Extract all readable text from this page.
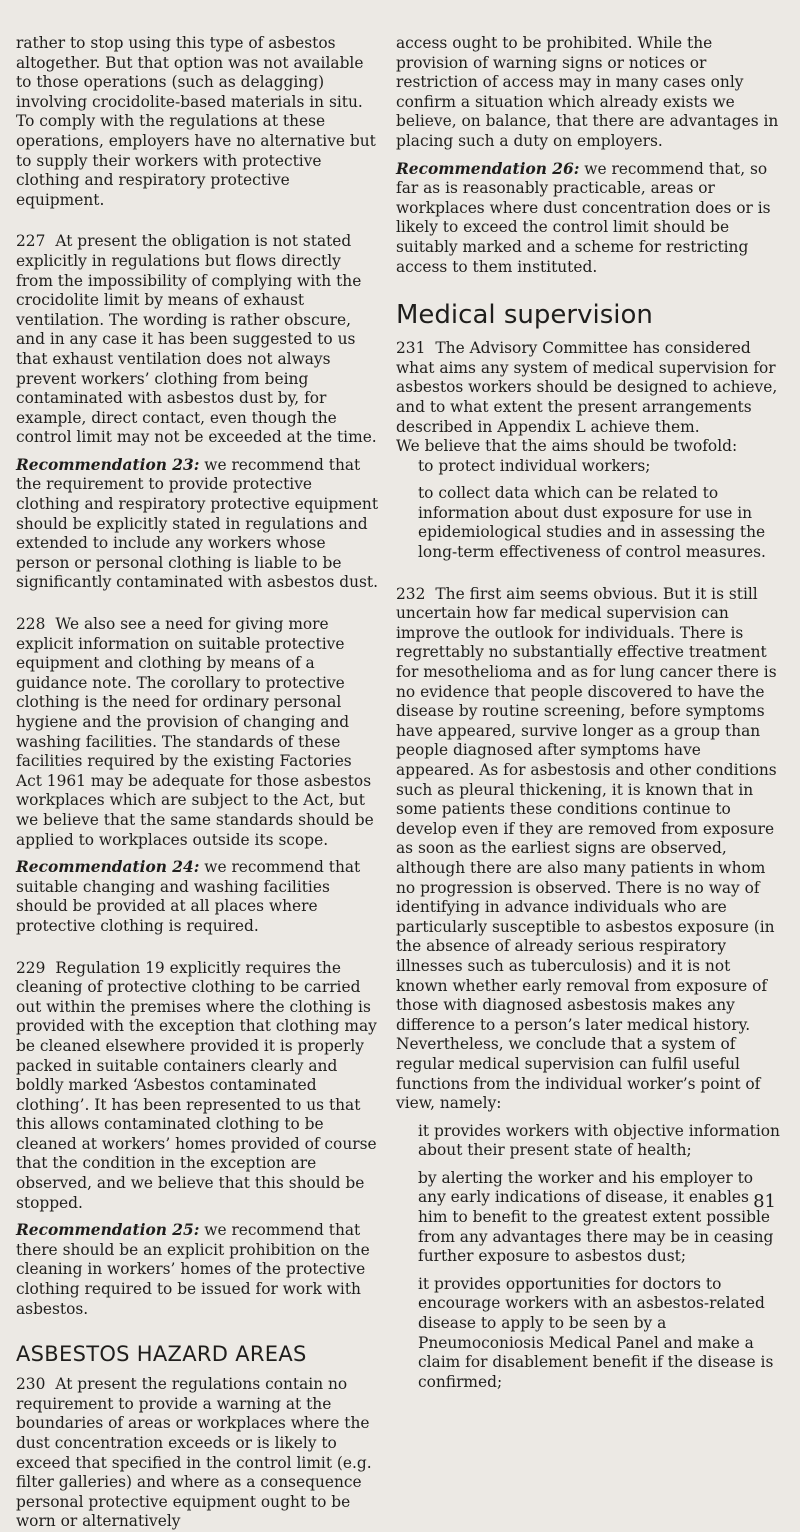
rather to stop using this type of asbestos altogether. But that option was not available to those operations (such as delagging) involving crocidolite-based materials in situ. To comply with the regulations at these operations, employers have no alternative but to supply their workers with protective clothing and respiratory protective equipment.

227 At present the obligation is not stated explicitly in regulations but flows directly from the impossibility of complying with the crocidolite limit by means of exhaust ventilation. The wording is rather obscure, and in any case it has been suggested to us that exhaust ventilation does not always prevent workers’ clothing from being contaminated with asbestos dust by, for example, direct contact, even though the control limit may not be exceeded at the time.

Recommendation 23: we recommend that the requirement to provide protective clothing and respiratory protective equipment should be explicitly stated in regulations and extended to include any workers whose person or personal clothing is liable to be significantly contaminated with asbestos dust.

228 We also see a need for giving more explicit information on suitable protective equipment and clothing by means of a guidance note. The corollary to protective clothing is the need for ordinary personal hygiene and the provision of changing and washing facilities. The standards of these facilities required by the existing Factories Act 1961 may be adequate for those asbestos workplaces which are subject to the Act, but we believe that the same standards should be applied to workplaces outside its scope.

Recommendation 24: we recommend that suitable changing and washing facilities should be provided at all places where protective clothing is required.

229 Regulation 19 explicitly requires the cleaning of protective clothing to be carried out within the premises where the clothing is provided with the exception that clothing may be cleaned elsewhere provided it is properly packed in suitable containers clearly and boldly marked ‘Asbestos contaminated clothing’. It has been represented to us that this allows contaminated clothing to be cleaned at workers’ homes provided of course that the condition in the exception are observed, and we believe that this should be stopped.

Recommendation 25: we recommend that there should be an explicit prohibition on the cleaning in workers’ homes of the protective clothing required to be issued for work with asbestos.

ASBESTOS HAZARD AREAS

230 At present the regulations contain no requirement to provide a warning at the boundaries of areas or workplaces where the dust concentration exceeds or is likely to exceed that specified in the control limit (e.g. filter galleries) and where as a consequence personal protective equipment ought to be worn or alternatively

access ought to be prohibited. While the provision of warning signs or notices or restriction of access may in many cases only confirm a situation which already exists we believe, on balance, that there are advantages in placing such a duty on employers.

Recommendation 26: we recommend that, so far as is reasonably practicable, areas or workplaces where dust concentration does or is likely to exceed the control limit should be suitably marked and a scheme for restricting access to them instituted.

Medical supervision

231 The Advisory Committee has considered what aims any system of medical supervision for asbestos workers should be designed to achieve, and to what extent the present arrangements described in Appendix L achieve them.

We believe that the aims should be twofold:

to protect individual workers;

to collect data which can be related to information about dust exposure for use in epidemiological studies and in assessing the long-term effectiveness of control measures.

232 The first aim seems obvious. But it is still uncertain how far medical supervision can improve the outlook for individuals. There is regrettably no substantially effective treatment for mesothelioma and as for lung cancer there is no evidence that people discovered to have the disease by routine screening, before symptoms have appeared, survive longer as a group than people diagnosed after symptoms have appeared. As for asbestosis and other conditions such as pleural thickening, it is known that in some patients these conditions continue to develop even if they are removed from exposure as soon as the earliest signs are observed, although there are also many patients in whom no progression is observed. There is no way of identifying in advance individuals who are particularly susceptible to asbestos exposure (in the absence of already serious respiratory illnesses such as tuberculosis) and it is not known whether early removal from exposure of those with diagnosed asbestosis makes any difference to a person’s later medical history. Nevertheless, we conclude that a system of regular medical supervision can fulfil useful functions from the individual worker’s point of view, namely:

it provides workers with objective information about their present state of health;

by alerting the worker and his employer to any early indications of disease, it enables him to benefit to the greatest extent possible from any advantages there may be in ceasing further exposure to asbestos dust;

it provides opportunities for doctors to encourage workers with an asbestos-related disease to apply to be seen by a Pneumoconiosis Medical Panel and make a claim for disablement benefit if the disease is confirmed;

81
